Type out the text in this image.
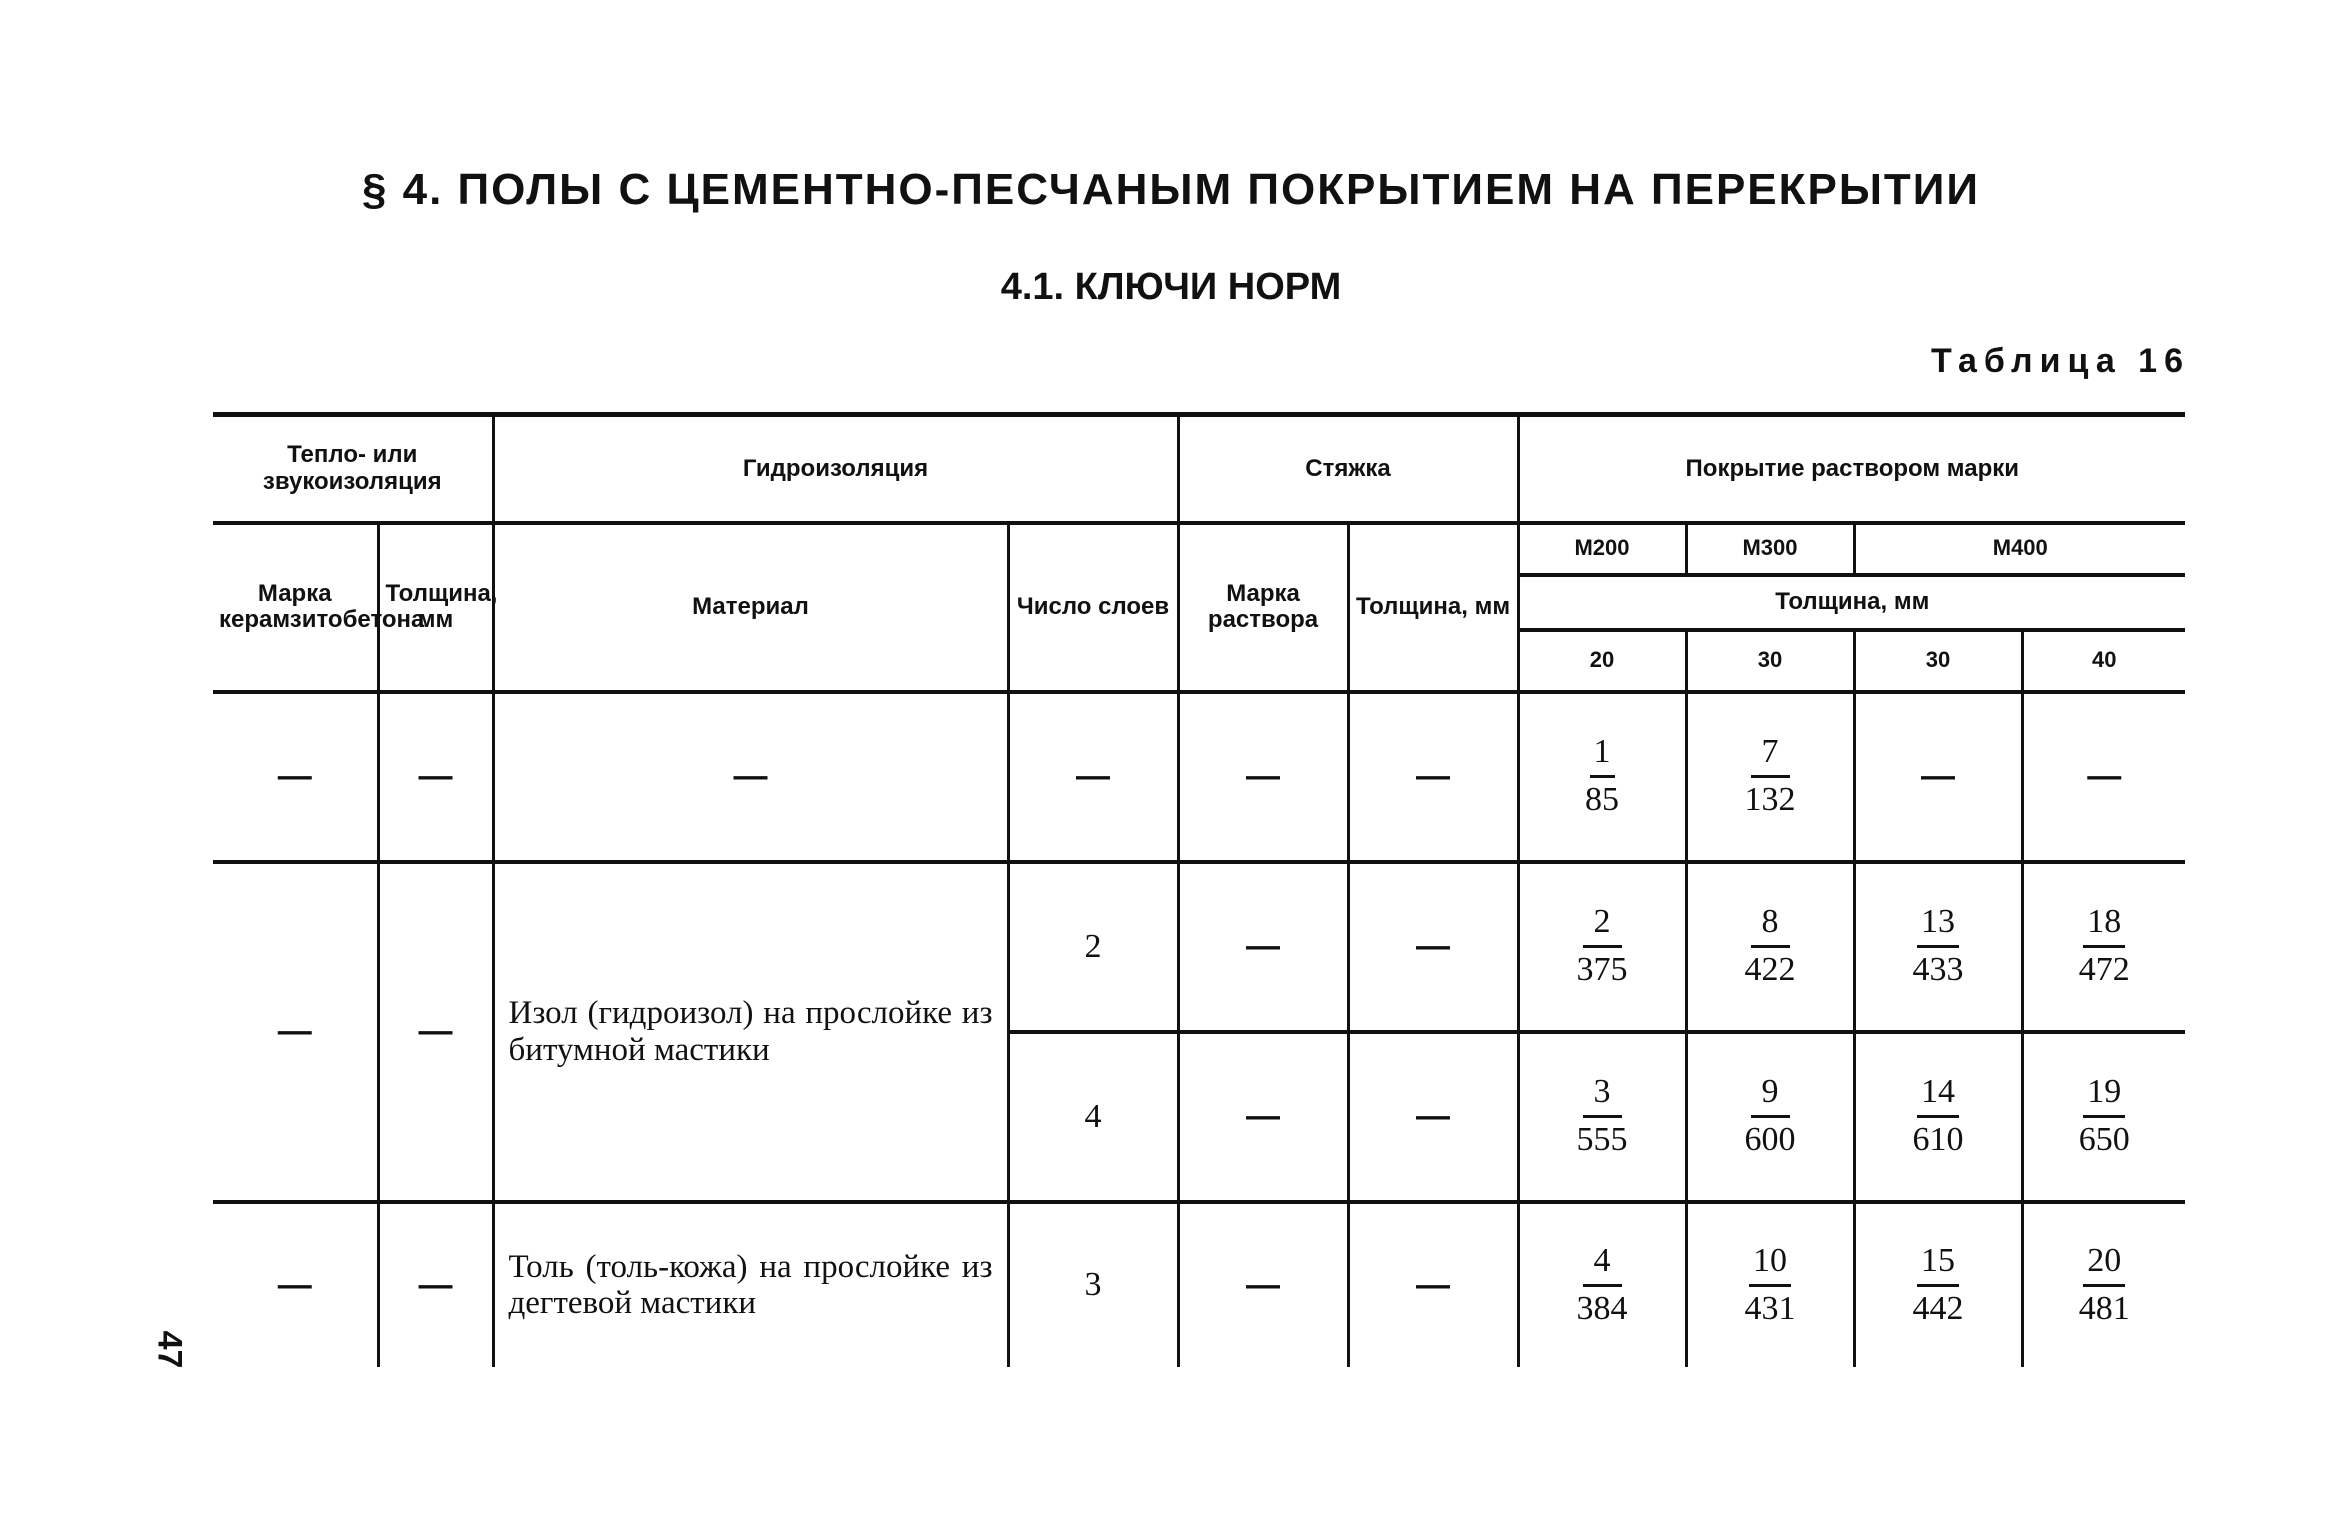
§ 4. ПОЛЫ С ЦЕМЕНТНО-ПЕСЧАНЫМ ПОКРЫТИЕМ НА ПЕРЕКРЫТИИ
4.1. КЛЮЧИ НОРМ
Таблица 16
47
Тепло- или звукоизоляция		Гидроизоляция		Стяжка		Покрытие раствором марки			
Марка керамзитобетона	Толщина, мм	Материал	Число слоев	Марка раствора	Толщина, мм	М200	М300	М400	
						Толщина, мм			
						20	30	30	40
—	—	—	—	—	—	$\frac{1}{85}$	$\frac{7}{132}$	—	—
—	—	Изол (гидроизол) на прослойке из битумной мастики	2	—	—	$\frac{2}{375}$	$\frac{8}{422}$	$\frac{13}{433}$	$\frac{18}{472}$

			4	—	—	$\frac{3}{555}$	$\frac{9}{600}$	$\frac{14}{610}$	$\frac{19}{650}$

—	—	Толь (толь-кожа) на прослойке из дегтевой мастики	3	—	—	$\frac{4}{384}$	$\frac{10}{431}$	$\frac{15}{442}$	$\frac{20}{481}$
